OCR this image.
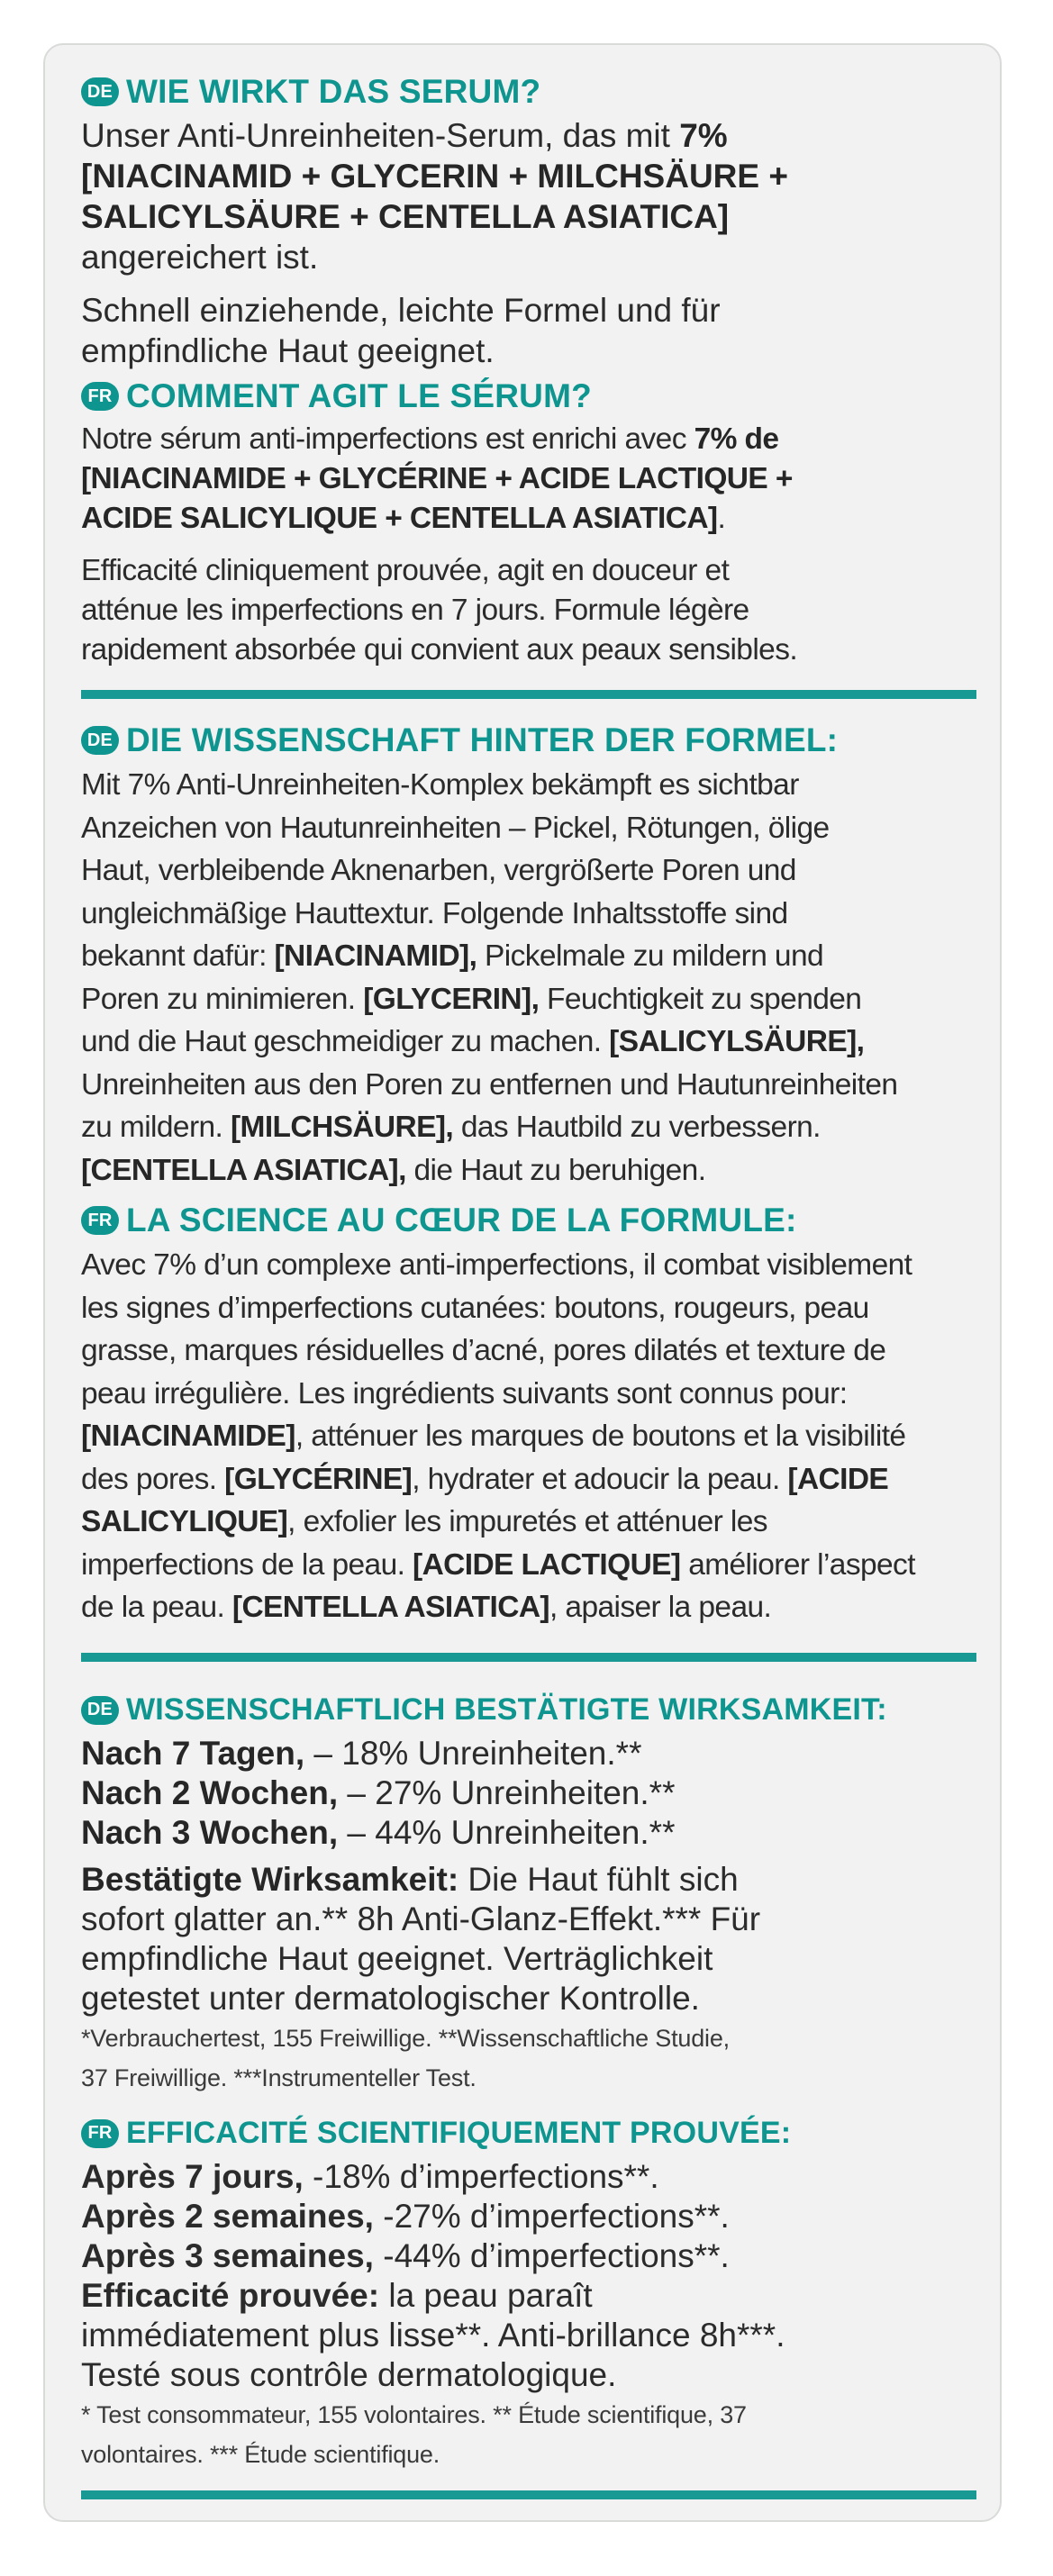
DE WIE WIRKT DAS SERUM?

Unser Anti-Unreinheiten-Serum, das mit 7%

[NIACINAMID + GLYCERIN + MILCHSÄURE +

SALICYLSÄURE + CENTELLA ASIATICA]

angereichert ist.

Schnell einziehende, leichte Formel und für

empfindliche Haut geeignet.

FR COMMENT AGIT LE SÉRUM?

Notre sérum anti-imperfections est enrichi avec 7% de

[NIACINAMIDE + GLYCÉRINE + ACIDE LACTIQUE +

ACIDE SALICYLIQUE + CENTELLA ASIATICA].

Efficacité cliniquement prouvée, agit en douceur et

atténue les imperfections en 7 jours. Formule légère

rapidement absorbée qui convient aux peaux sensibles.

DE DIE WISSENSCHAFT HINTER DER FORMEL:

Mit 7% Anti-Unreinheiten-Komplex bekämpft es sichtbar

Anzeichen von Hautunreinheiten – Pickel, Rötungen, ölige

Haut, verbleibende Aknenarben, vergrößerte Poren und

ungleichmäßige Hauttextur. Folgende Inhaltsstoffe sind

bekannt dafür: [NIACINAMID], Pickelmale zu mildern und

Poren zu minimieren. [GLYCERIN], Feuchtigkeit zu spenden

und die Haut geschmeidiger zu machen. [SALICYLSÄURE],

Unreinheiten aus den Poren zu entfernen und Hautunreinheiten

zu mildern. [MILCHSÄURE], das Hautbild zu verbessern.

[CENTELLA ASIATICA], die Haut zu beruhigen.

FR LA SCIENCE AU CŒUR DE LA FORMULE:

Avec 7% d’un complexe anti-imperfections, il combat visiblement

les signes d’imperfections cutanées: boutons, rougeurs, peau

grasse, marques résiduelles d’acné, pores dilatés et texture de

peau irrégulière. Les ingrédients suivants sont connus pour:

[NIACINAMIDE], atténuer les marques de boutons et la visibilité

des pores. [GLYCÉRINE], hydrater et adoucir la peau. [ACIDE

SALICYLIQUE], exfolier les impuretés et atténuer les

imperfections de la peau. [ACIDE LACTIQUE] améliorer l’aspect

de la peau. [CENTELLA ASIATICA], apaiser la peau.

DE WISSENSCHAFTLICH BESTÄTIGTE WIRKSAMKEIT:

Nach 7 Tagen, – 18% Unreinheiten.**

Nach 2 Wochen, – 27% Unreinheiten.**

Nach 3 Wochen, – 44% Unreinheiten.**

Bestätigte Wirksamkeit: Die Haut fühlt sich

sofort glatter an.** 8h Anti-Glanz-Effekt.*** Für

empfindliche Haut geeignet. Verträglichkeit

getestet unter dermatologischer Kontrolle.

*Verbrauchertest, 155 Freiwillige. **Wissenschaftliche Studie,

37 Freiwillige. ***Instrumenteller Test.

FR EFFICACITÉ SCIENTIFIQUEMENT PROUVÉE:

Après 7 jours, -18% d’imperfections**.

Après 2 semaines, -27% d’imperfections**.

Après 3 semaines, -44% d’imperfections**.

Efficacité prouvée: la peau paraît

immédiatement plus lisse**. Anti-brillance 8h***.

Testé sous contrôle dermatologique.

* Test consommateur, 155 volontaires. ** Étude scientifique, 37

volontaires. *** Étude scientifique.
